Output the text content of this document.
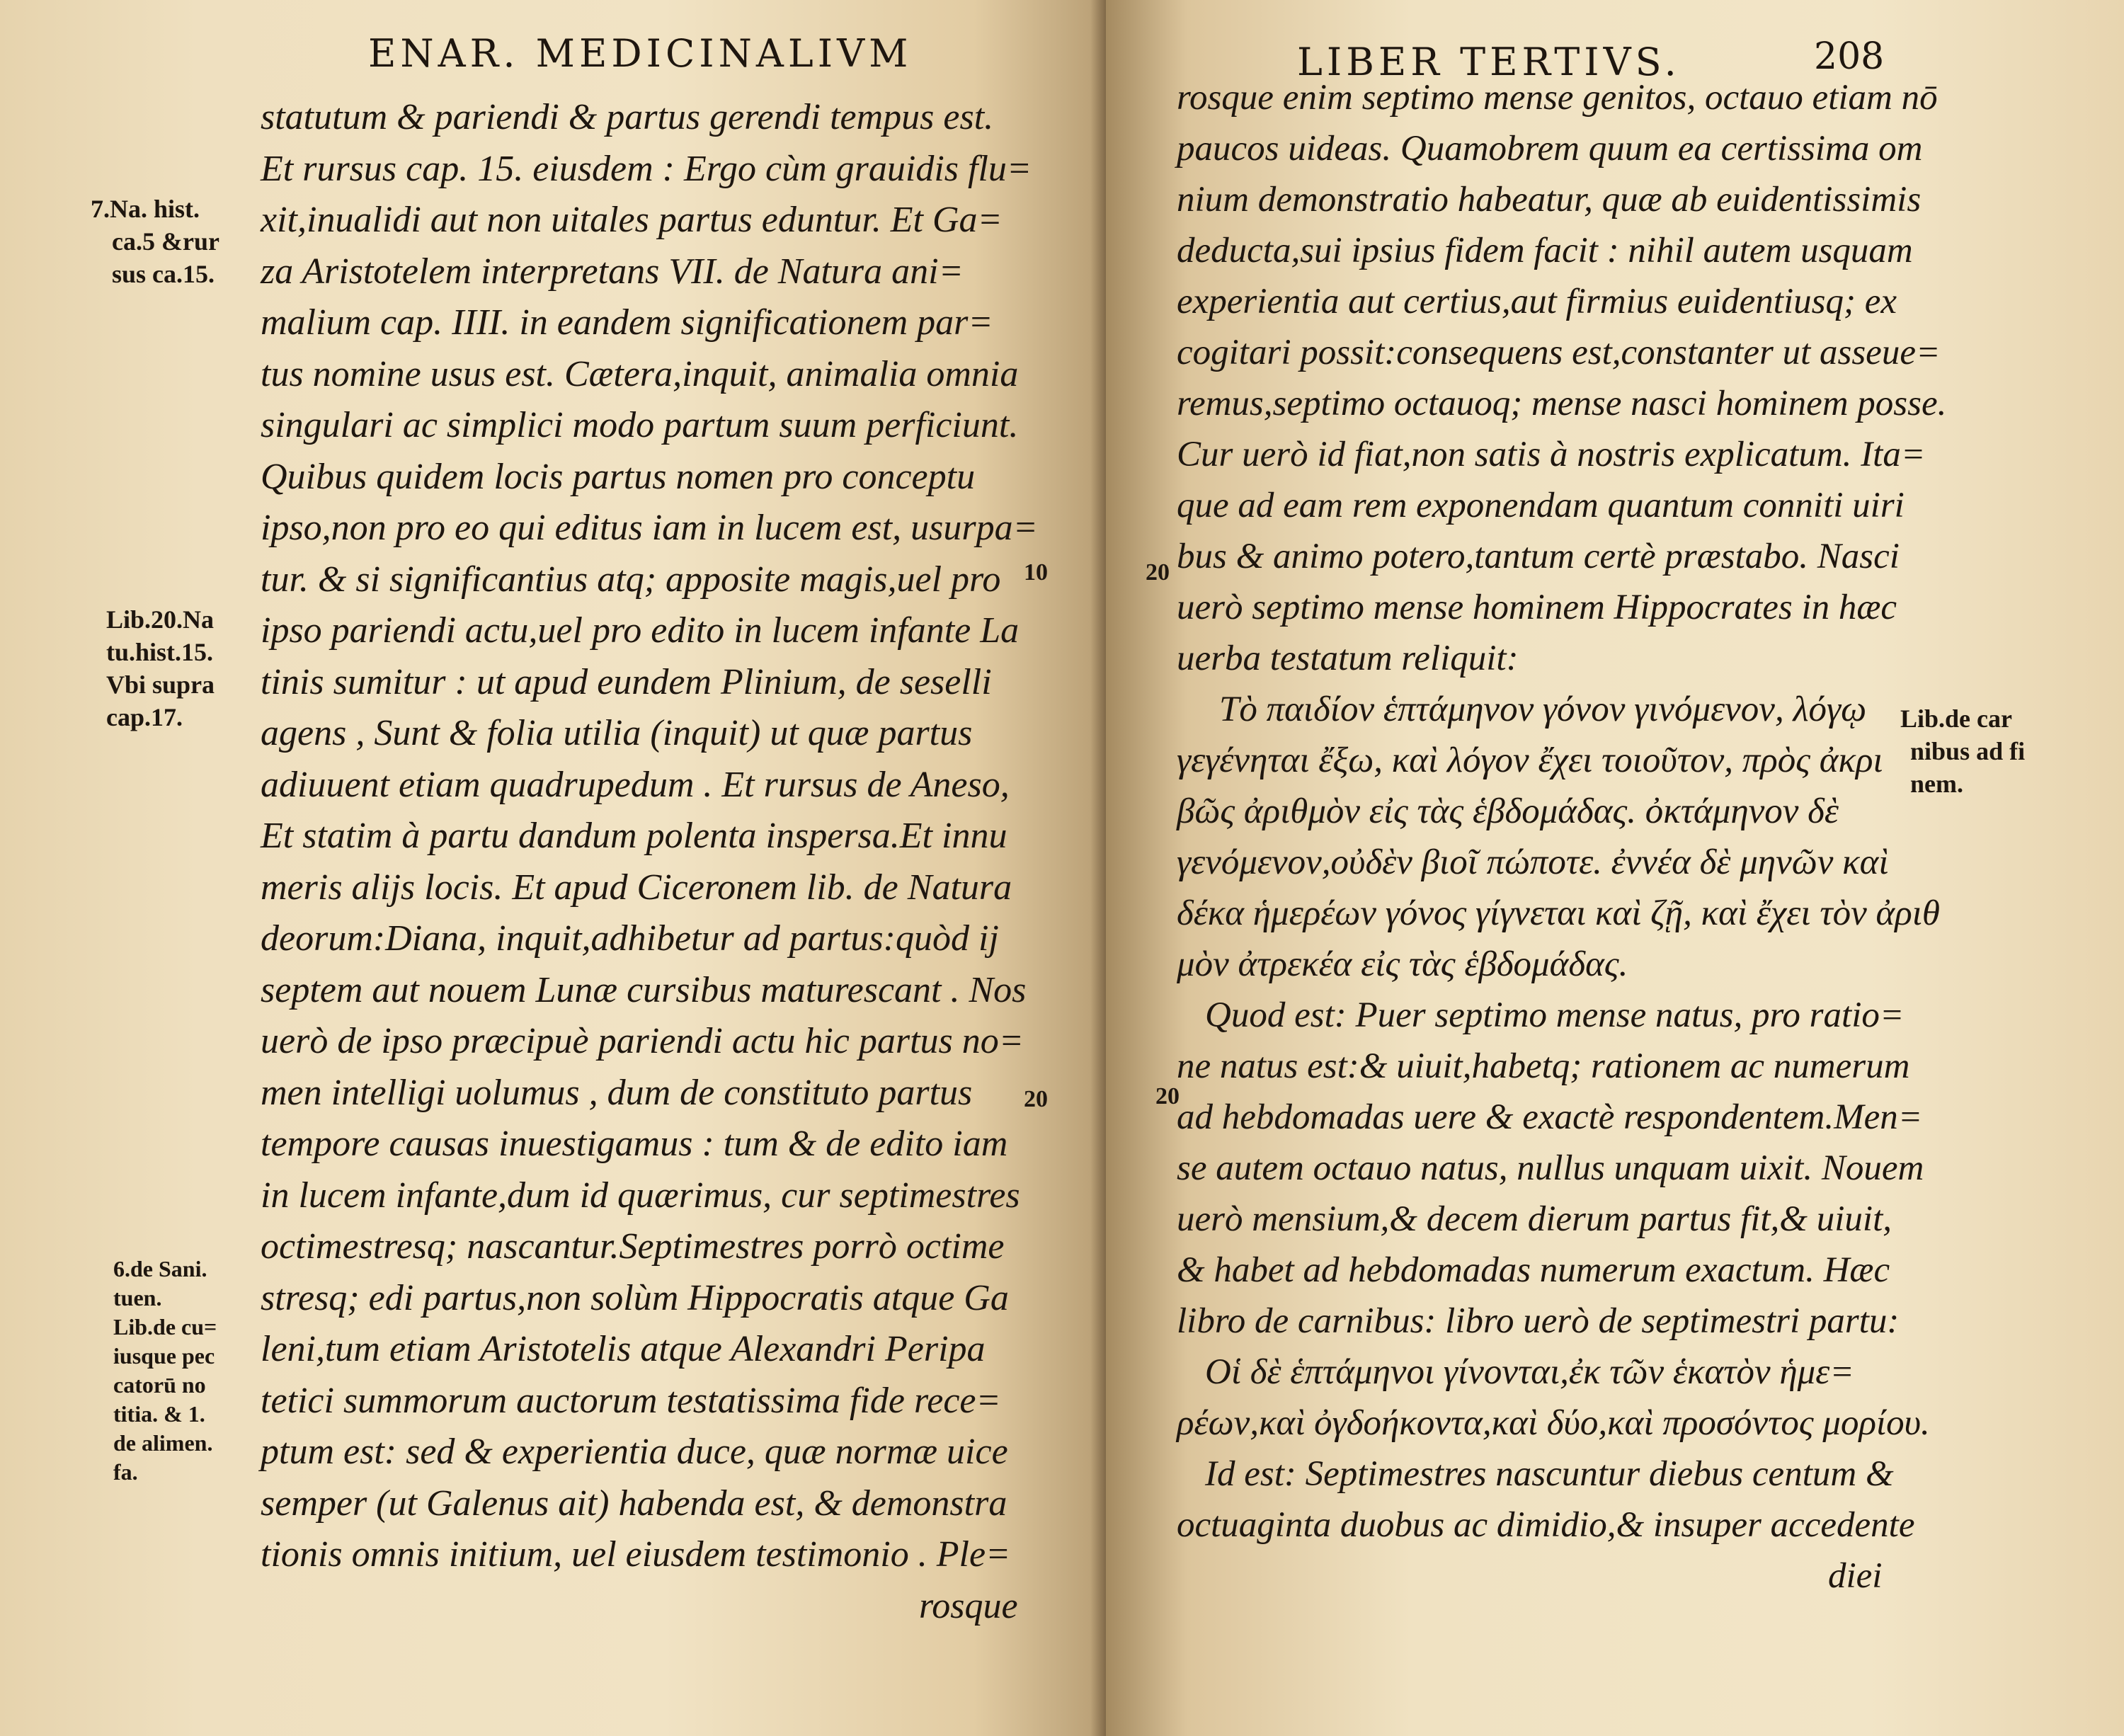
ENAR. MEDICINALIVM
7.Na. hist.
ca.5 &rur
sus ca.15.
Lib.20.Na
tu.hist.15.
Vbi supra
cap.17.
6.de Sani.
tuen.
Lib.de cu=
iusque pec
catorū no
titia. & 1.
de alimen.
fa.
10
20
statutum & pariendi & partus gerendi tempus est.
Et rursus cap. 15. eiusdem : Ergo cùm grauidis flu=
xit,inualidi aut non uitales partus eduntur. Et Ga=
za Aristotelem interpretans VII. de Natura ani=
malium cap. IIII. in eandem significationem par=
tus nomine usus est. Cætera,inquit, animalia omnia
singulari ac simplici modo partum suum perficiunt.
Quibus quidem locis partus nomen pro conceptu
ipso,non pro eo qui editus iam in lucem est, usurpa=
tur. & si significantius atq; apposite magis,uel pro
ipso pariendi actu,uel pro edito in lucem infante La
tinis sumitur : ut apud eundem Plinium, de seselli
agens , Sunt & folia utilia (inquit) ut quæ partus
adiuuent etiam quadrupedum . Et rursus de Aneso,
Et statim à partu dandum polenta inspersa.Et innu
meris alijs locis. Et apud Ciceronem lib. de Natura
deorum:Diana, inquit,adhibetur ad partus:quòd ij
septem aut nouem Lunæ cursibus maturescant . Nos
uerò de ipso præcipuè pariendi actu hic partus no=
men intelligi uolumus , dum de constituto partus
tempore causas inuestigamus : tum & de edito iam
in lucem infante,dum id quærimus, cur septimestres
octimestresq; nascantur.Septimestres porrò octime
stresq; edi partus,non solùm Hippocratis atque Ga
leni,tum etiam Aristotelis atque Alexandri Peripa
tetici summorum auctorum testatissima fide rece=
ptum est: sed & experientia duce, quæ normæ uice
semper (ut Galenus ait) habenda est, & demonstra
tionis omnis initium, uel eiusdem testimonio . Ple=
rosque
LIBER TERTIVS.	208
20
20
Lib.de car
nibus ad fi
nem.
rosque enim septimo mense genitos, octauo etiam nō
paucos uideas. Quamobrem quum ea certissima om
nium demonstratio habeatur, quæ ab euidentissimis
deducta,sui ipsius fidem facit : nihil autem usquam
experientia aut certius,aut firmius euidentiusq; ex
cogitari possit:consequens est,constanter ut asseue=
remus,septimo octauoq; mense nasci hominem posse.
Cur uerò id fiat,non satis à nostris explicatum. Ita=
que ad eam rem exponendam quantum conniti uiri
bus & animo potero,tantum certè præstabo. Nasci
uerò septimo mense hominem Hippocrates in hæc
uerba testatum reliquit:
Τὸ παιδίον ἑπτάμηνον γόνον γινόμενον, λόγῳ
γεγένηται ἔξω, καὶ λόγον ἔχει τοιοῦτον, πρὸς ἀκρι
βῶς ἀριθμὸν εἰς τὰς ἑβδομάδας. ὀκτάμηνον δὲ
γενόμενον,οὐδὲν βιοῖ πώποτε. ἐννέα δὲ μηνῶν καὶ
δέκα ἡμερέων γόνος γίγνεται καὶ ζῇ, καὶ ἔχει τὸν ἀριθ
μὸν ἀτρεκέα εἰς τὰς ἑβδομάδας.
Quod est: Puer septimo mense natus, pro ratio=
ne natus est:& uiuit,habetq; rationem ac numerum
ad hebdomadas uere & exactè respondentem.Men=
se autem octauo natus, nullus unquam uixit. Nouem
uerò mensium,& decem dierum partus fit,& uiuit,
& habet ad hebdomadas numerum exactum. Hæc
libro de carnibus: libro uerò de septimestri partu:
Οἱ δὲ ἑπτάμηνοι γίνονται,ἐκ τῶν ἑκατὸν ἡμε=
ρέων,καὶ ὀγδοήκοντα,καὶ δύο,καὶ προσόντος μορίου.
Id est: Septimestres nascuntur diebus centum &
octuaginta duobus ac dimidio,& insuper accedente
diei
